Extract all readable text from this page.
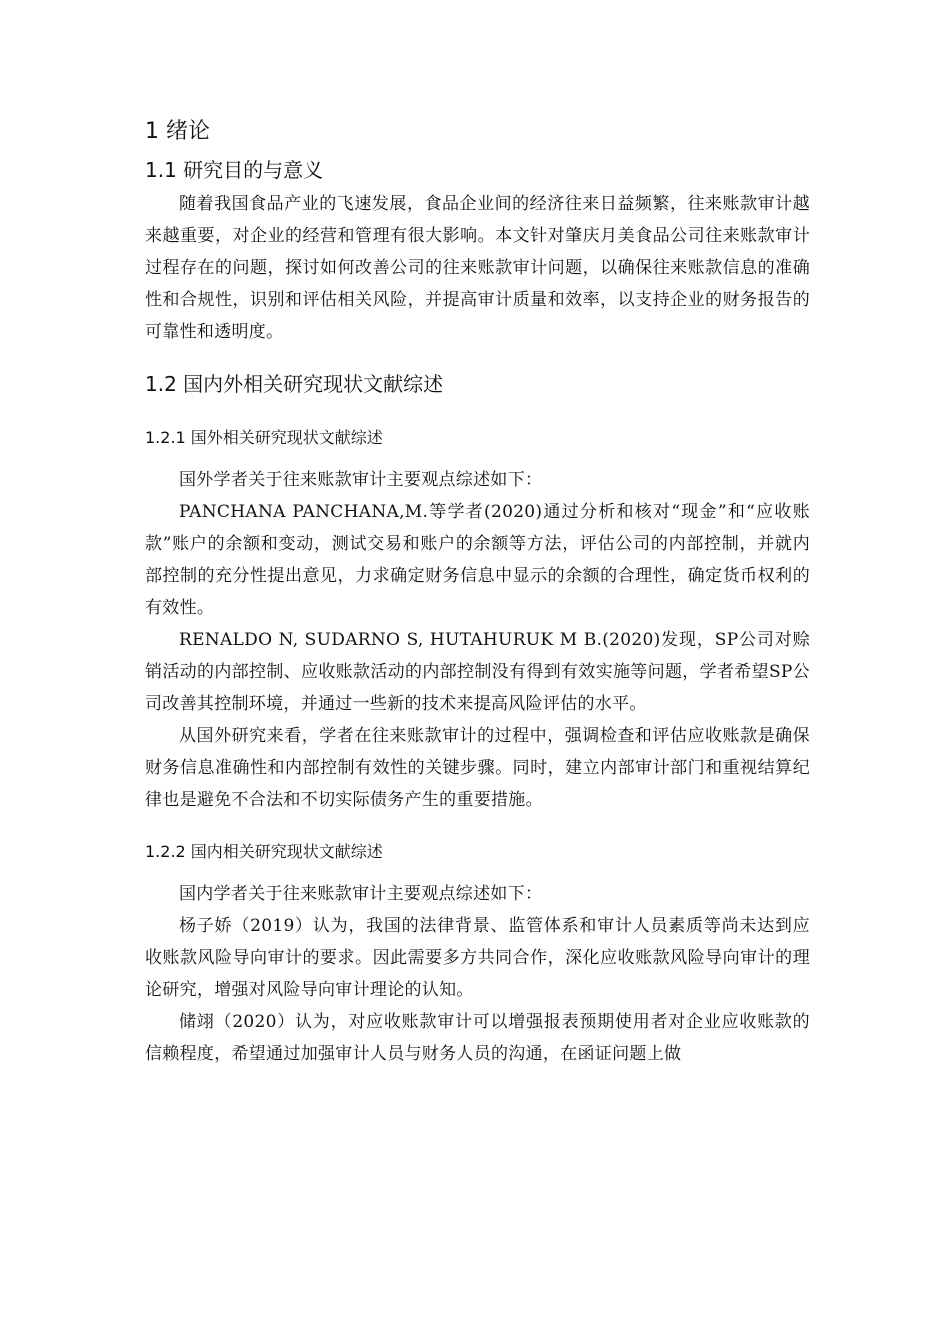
1 绪论
1.1 研究目的与意义

随着我国食品产业的飞速发展，食品企业间的经济往来日益频繁，往来账款审计越来越重要，对企业的经营和管理有很大影响。本文针对肇庆月美食品公司往来账款审计过程存在的问题，探讨如何改善公司的往来账款审计问题，以确保往来账款信息的准确性和合规性，识别和评估相关风险，并提高审计质量和效率，以支持企业的财务报告的可靠性和透明度。

1.2 国内外相关研究现状文献综述
1.2.1 国外相关研究现状文献综述

国外学者关于往来账款审计主要观点综述如下：

PANCHANA PANCHANA,M.等学者(2020)通过分析和核对“现金”和“应收账款”账户的余额和变动，测试交易和账户的余额等方法，评估公司的内部控制，并就内部控制的充分性提出意见，力求确定财务信息中显示的余额的合理性，确定货币权利的有效性。

RENALDO N, SUDARNO S, HUTAHURUK M B.(2020)发现，SP公司对赊销活动的内部控制、应收账款活动的内部控制没有得到有效实施等问题，学者希望SP公司改善其控制环境，并通过一些新的技术来提高风险评估的水平。

从国外研究来看，学者在往来账款审计的过程中，强调检查和评估应收账款是确保财务信息准确性和内部控制有效性的关键步骤。同时，建立内部审计部门和重视结算纪律也是避免不合法和不切实际债务产生的重要措施。

1.2.2 国内相关研究现状文献综述

国内学者关于往来账款审计主要观点综述如下：

杨子娇（2019）认为，我国的法律背景、监管体系和审计人员素质等尚未达到应收账款风险导向审计的要求。因此需要多方共同合作，深化应收账款风险导向审计的理论研究，增强对风险导向审计理论的认知。

储翊（2020）认为，对应收账款审计可以增强报表预期使用者对企业应收账款的信赖程度，希望通过加强审计人员与财务人员的沟通，在函证问题上做
